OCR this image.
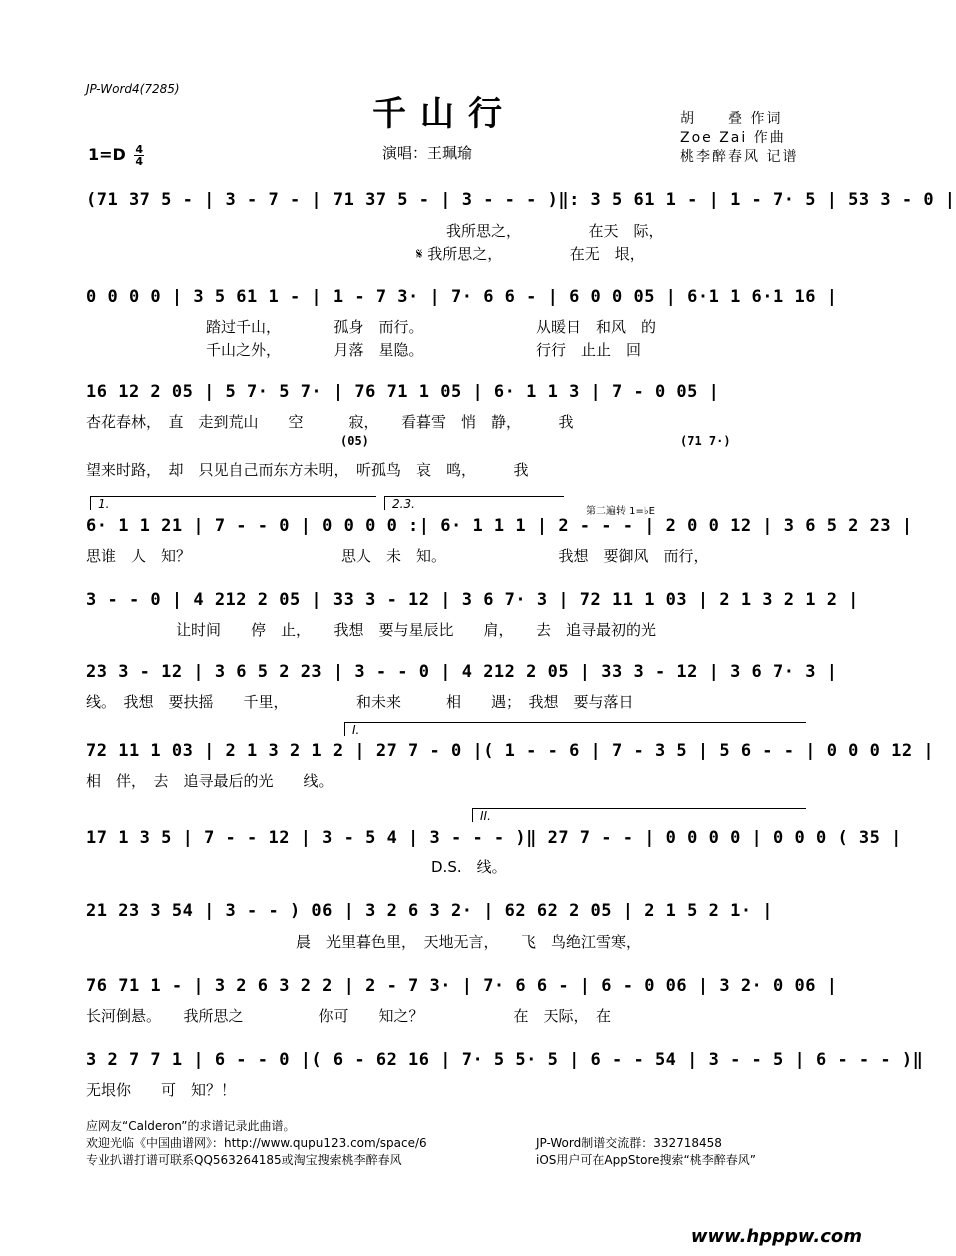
JP-Word4(7285)
千山行
演唱：王珮瑜
胡　　叠 作词
Zoe Zai 作曲
桃李醉春风 记谱
$1=D \frac{4}{4}$
(71 37 5 - | 3 - 7 - | 71 37 5 - | 3 - - - )‖: 3 5 61 1 - | 1 - 7· 5 | 53 3 - 0 |
　　　　　　　　　　　　　　　　　　　　　　　　我所思之，　　　　　在天　际，
　　　　　　　　　　　　　　　　　　　　　　𝄋 我所思之，　　　　　在无　垠，
0 0 0 0 | 3 5 61 1 - | 1 - 7 3· | 7· 6 6 - | 6 0 0 05 | 6·1 1 6·1 16 |
　　　　　　　　踏过千山，　　　　孤身　而行。　　　　　　　　从暖日　和风　的
　　　　　　　　千山之外，　　　　月落　星隐。　　　　　　　　行行　止止　回
16 12 2 05 | 5 7· 5 7· | 76 71 1 05 | 6· 1 1 3 | 7 - 0 05 |
杏花春林，　直　走到荒山　　空　　　寂，　　看暮雪　悄　静，　　　我
(05)	(71 7·)
望来时路，　却　只见自己而东方未明，　听孤鸟　哀　鸣，　　　我
1.	2.3.
第二遍转 1=♭E
6· 1 1 21 | 7 - - 0 | 0 0 0 0 :| 6· 1 1 1 | 2 - - - | 2 0 0 12 | 3 6 5 2 23 |
思谁　人　知？　　　　　　　　　　思人　未　知。　　　　　　　　我想　要御风　而行，
3 - - 0 | 4 212 2 05 | 33 3 - 12 | 3 6 7· 3 | 72 11 1 03 | 2 1 3 2 1 2 |
　　　　　　让时间　　停　止，　　我想　要与星辰比　　肩，　　去　追寻最初的光
23 3 - 12 | 3 6 5 2 23 | 3 - - 0 | 4 212 2 05 | 33 3 - 12 | 3 6 7· 3 |
线。　我想　要扶摇　　千里，　　　　　和未来　　　相　　遇；　我想　要与落日
I.
72 11 1 03 | 2 1 3 2 1 2 | 27 7 - 0 |( 1 - - 6 | 7 - 3 5 | 5 6 - - | 0 0 0 12 |
相　伴，　去　追寻最后的光　　线。
II.
17 1 3 5 | 7 - - 12 | 3 - 5 4 | 3 - - - )‖ 27 7 - - | 0 0 0 0 | 0 0 0 ( 35 |
　　　　　　　　　　　　　　　　　　　　　　　D.S.　线。
21 23 3 54 | 3 - - ) 06 | 3 2 6 3 2· | 62 62 2 05 | 2 1 5 2 1· |
　　　　　　　　　　　　　　晨　光里暮色里，　天地无言，　　飞　鸟绝江雪寒，
76 71 1 - | 3 2 6 3 2 2 | 2 - 7 3· | 7· 6 6 - | 6 - 0 06 | 3 2· 0 06 |
长河倒悬。　　我所思之　　　　　你可　　知之？　　　　　　在　天际，　在
3 2 7 7 1 | 6 - - 0 |( 6 - 62 16 | 7· 5 5· 5 | 6 - - 54 | 3 - - 5 | 6 - - - )‖
无垠你　　可　知？！
应网友“Calderon”的求谱记录此曲谱。
欢迎光临《中国曲谱网》：http://www.qupu123.com/space/6
专业扒谱打谱可联系QQ563264185或淘宝搜索桃李醉春风
JP-Word制谱交流群：332718458
iOS用户可在AppStore搜索“桃李醉春风”
www.hpppw.com
